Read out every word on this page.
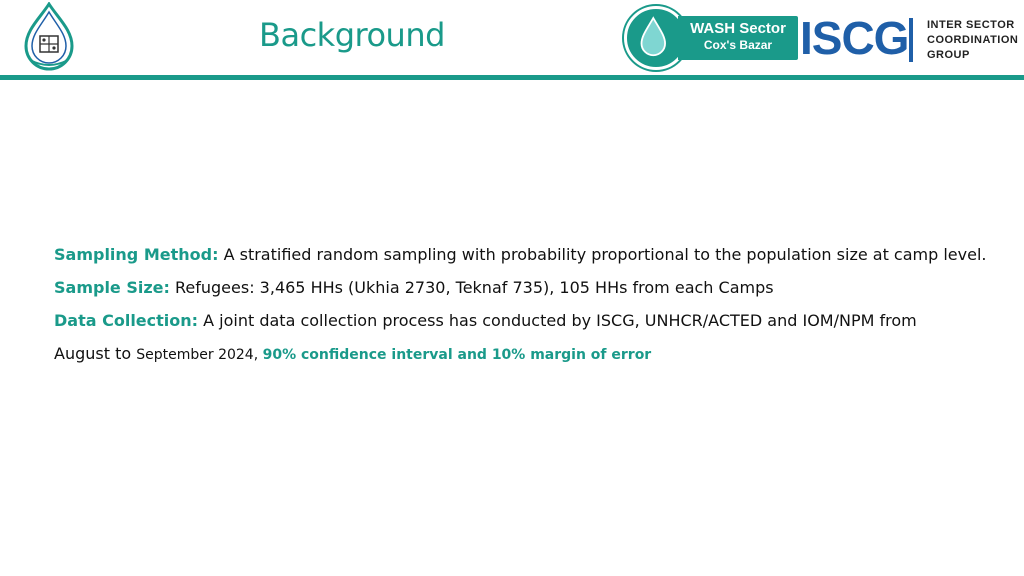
Background	WASH Sector
Cox's Bazar ISCG INTER SECTOR
COORDINATION
GROUP

Sampling Method: A stratified random sampling with probability proportional to the population size at camp level.

Sample Size: Refugees: 3,465 HHs (Ukhia 2730, Teknaf 735), 105 HHs from each Camps

Data Collection: A joint data collection process has conducted by ISCG, UNHCR/ACTED and IOM/NPM from
August to September 2024, 90% confidence interval and 10% margin of error
